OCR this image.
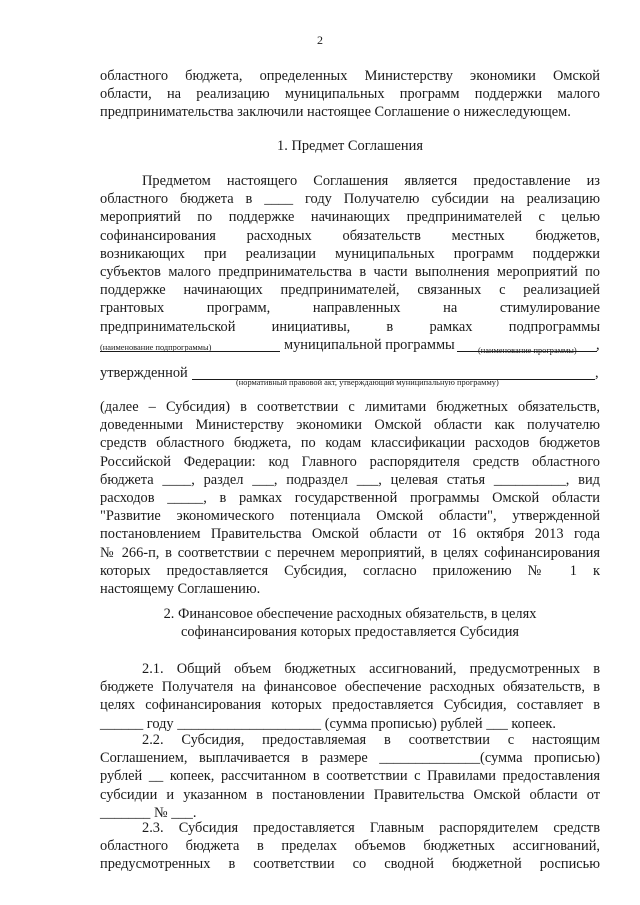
2
областного бюджета, определенных Министерству экономики Омской
области, на реализацию муниципальных программ поддержки малого
предпринимательства заключили настоящее Соглашение о нижеследующем.
1. Предмет Соглашения
Предметом настоящего Соглашения является предоставление из
областного бюджета в ____ году Получателю субсидии на реализацию
мероприятий по поддержке начинающих предпринимателей с целью
софинансирования расходных обязательств местных бюджетов,
возникающих при реализации муниципальных программ поддержки
субъектов малого предпринимательства в части выполнения мероприятий по
поддержке начинающих предпринимателей, связанных с реализацией
грантовых программ, направленных на стимулирование
предпринимательской инициативы, в рамках подпрограммы
муниципальной программы	,
(наименование подпрограммы)	(наименование программы)
утвержденной	,
(нормативный правовой акт, утверждающий муниципальную программу)
(далее – Субсидия) в соответствии с лимитами бюджетных обязательств,
доведенными Министерству экономики Омской области как получателю
средств областного бюджета, по кодам классификации расходов бюджетов
Российской Федерации: код Главного распорядителя средств областного
бюджета ____, раздел ___, подраздел ___, целевая статья __________, вид
расходов _____, в рамках государственной программы Омской области
"Развитие экономического потенциала Омской области", утвержденной
постановлением Правительства Омской области от 16 октября 2013 года
№ 266-п, в соответствии с перечнем мероприятий, в целях софинансирования
которых предоставляется Субсидия, согласно приложению № 1 к
настоящему Соглашению.
2. Финансовое обеспечение расходных обязательств, в целях
софинансирования которых предоставляется Субсидия
2.1. Общий объем бюджетных ассигнований, предусмотренных в
бюджете Получателя на финансовое обеспечение расходных обязательств, в
целях софинансирования которых предоставляется Субсидия, составляет в
______ году ____________________ (сумма прописью) рублей ___ копеек.
2.2. Субсидия, предоставляемая в соответствии с настоящим
Соглашением, выплачивается в размере ______________(сумма прописью)
рублей __ копеек, рассчитанном в соответствии с Правилами предоставления
субсидии и указанном в постановлении Правительства Омской области от
_______ № ___.
2.3. Субсидия предоставляется Главным распорядителем средств
областного бюджета в пределах объемов бюджетных ассигнований,
предусмотренных в соответствии со сводной бюджетной росписью
